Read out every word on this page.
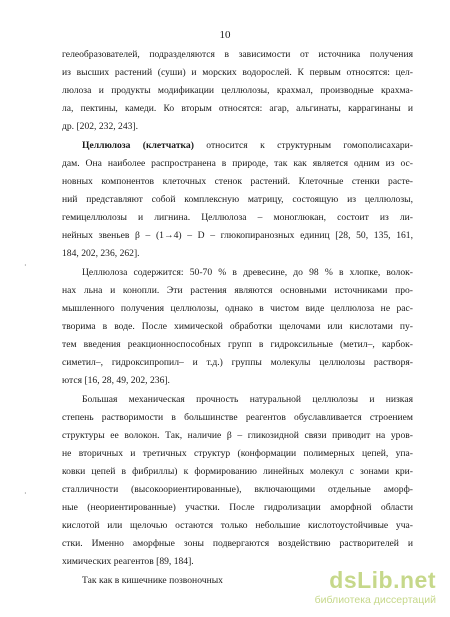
10
гелеобразователей, подразделяются в зависимости от источника получения
из высших растений (суши) и морских водорослей. К первым относятся: цел-
люлоза и продукты модификации целлюлозы, крахмал, производные крахма-
ла, пектины, камеди. Ко вторым относятся: агар, альгинаты, каррагинаны и
др. [202, 232, 243].
Целлюлоза (клетчатка) относится к структурным гомополисахари-
дам. Она наиболее распространена в природе, так как является одним из ос-
новных компонентов клеточных стенок растений. Клеточные стенки расте-
ний представляют собой комплексную матрицу, состоящую из целлюлозы,
гемицеллюлозы и лигнина. Целлюлоза – моноглюкан, состоит из ли-
нейных звеньев β – (1→4) – D – глюкопиранозных единиц [28, 50, 135, 161,
184, 202, 236, 262].
Целлюлоза содержится: 50-70 % в древесине, до 98 % в хлопке, волок-
нах льна и конопли. Эти растения являются основными источниками про-
мышленного получения целлюлозы, однако в чистом виде целлюлоза не рас-
творима в воде. После химической обработки щелочами или кислотами пу-
тем введения реакционноспособных групп в гидроксильные (метил–, карбок-
симетил–, гидроксипропил– и т.д.) группы молекулы целлюлозы растворя-
ются [16, 28, 49, 202, 236].
Большая механическая прочность натуральной целлюлозы и низкая
степень растворимости в большинстве реагентов обуславливается строением
структуры ее волокон. Так, наличие β – гликозидной связи приводит на уров-
не вторичных и третичных структур (конформации полимерных цепей, упа-
ковки цепей в фибриллы) к формированию линейных молекул с зонами кри-
сталличности (высокоориентированные), включающими отдельные аморф-
ные (неориентированные) участки. После гидролизации аморфной области
кислотой или щелочью остаются только небольшие кислотоустойчивые уча-
стки. Именно аморфные зоны подвергаются воздействию растворителей и
химических реагентов [89, 184].
Так как в кишечнике позвоночных
·
·
dsLib.net
библиотека диссертаций
